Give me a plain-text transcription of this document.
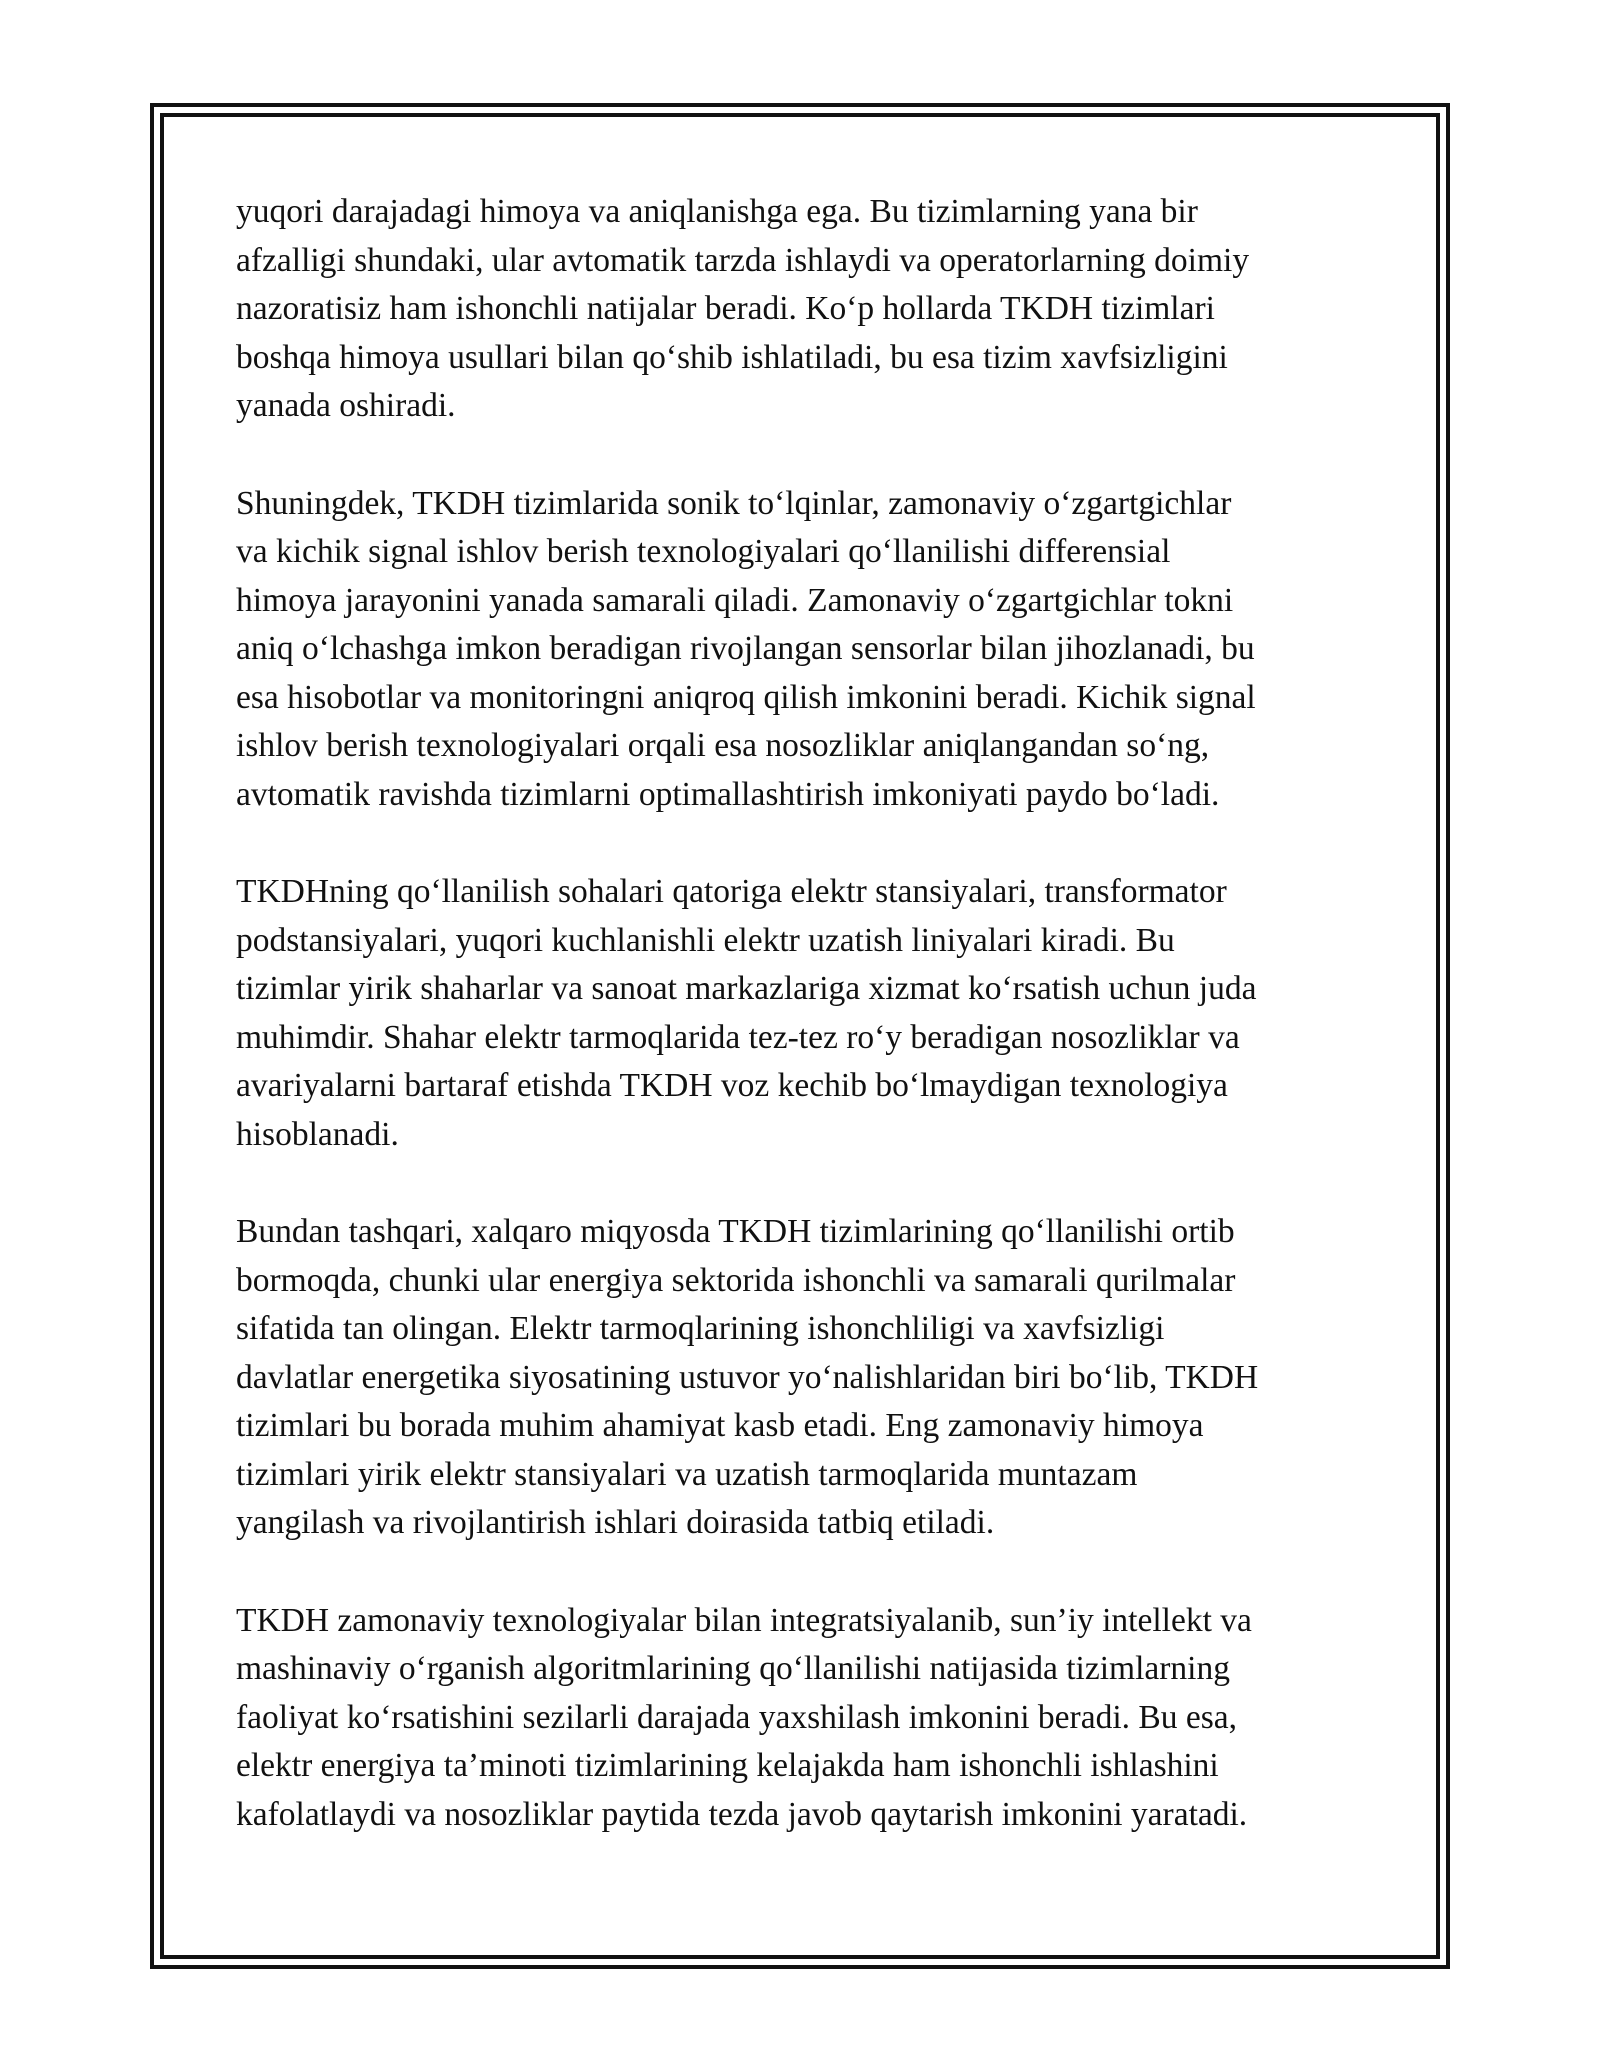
yuqori darajadagi himoya va aniqlanishga ega. Bu tizimlarning yana bir
afzalligi shundaki, ular avtomatik tarzda ishlaydi va operatorlarning doimiy
nazoratisiz ham ishonchli natijalar beradi. Ko‘p hollarda TKDH tizimlari
boshqa himoya usullari bilan qo‘shib ishlatiladi, bu esa tizim xavfsizligini
yanada oshiradi.

Shuningdek, TKDH tizimlarida sonik to‘lqinlar, zamonaviy o‘zgartgichlar
va kichik signal ishlov berish texnologiyalari qo‘llanilishi differensial
himoya jarayonini yanada samarali qiladi. Zamonaviy o‘zgartgichlar tokni
aniq o‘lchashga imkon beradigan rivojlangan sensorlar bilan jihozlanadi, bu
esa hisobotlar va monitoringni aniqroq qilish imkonini beradi. Kichik signal
ishlov berish texnologiyalari orqali esa nosozliklar aniqlangandan so‘ng,
avtomatik ravishda tizimlarni optimallashtirish imkoniyati paydo bo‘ladi.

TKDHning qo‘llanilish sohalari qatoriga elektr stansiyalari, transformator
podstansiyalari, yuqori kuchlanishli elektr uzatish liniyalari kiradi. Bu
tizimlar yirik shaharlar va sanoat markazlariga xizmat ko‘rsatish uchun juda
muhimdir. Shahar elektr tarmoqlarida tez-tez ro‘y beradigan nosozliklar va
avariyalarni bartaraf etishda TKDH voz kechib bo‘lmaydigan texnologiya
hisoblanadi.

Bundan tashqari, xalqaro miqyosda TKDH tizimlarining qo‘llanilishi ortib
bormoqda, chunki ular energiya sektorida ishonchli va samarali qurilmalar
sifatida tan olingan. Elektr tarmoqlarining ishonchliligi va xavfsizligi
davlatlar energetika siyosatining ustuvor yo‘nalishlaridan biri bo‘lib, TKDH
tizimlari bu borada muhim ahamiyat kasb etadi. Eng zamonaviy himoya
tizimlari yirik elektr stansiyalari va uzatish tarmoqlarida muntazam
yangilash va rivojlantirish ishlari doirasida tatbiq etiladi.

TKDH zamonaviy texnologiyalar bilan integratsiyalanib, sun’iy intellekt va
mashinaviy o‘rganish algoritmlarining qo‘llanilishi natijasida tizimlarning
faoliyat ko‘rsatishini sezilarli darajada yaxshilash imkonini beradi. Bu esa,
elektr energiya ta’minoti tizimlarining kelajakda ham ishonchli ishlashini
kafolatlaydi va nosozliklar paytida tezda javob qaytarish imkonini yaratadi.
